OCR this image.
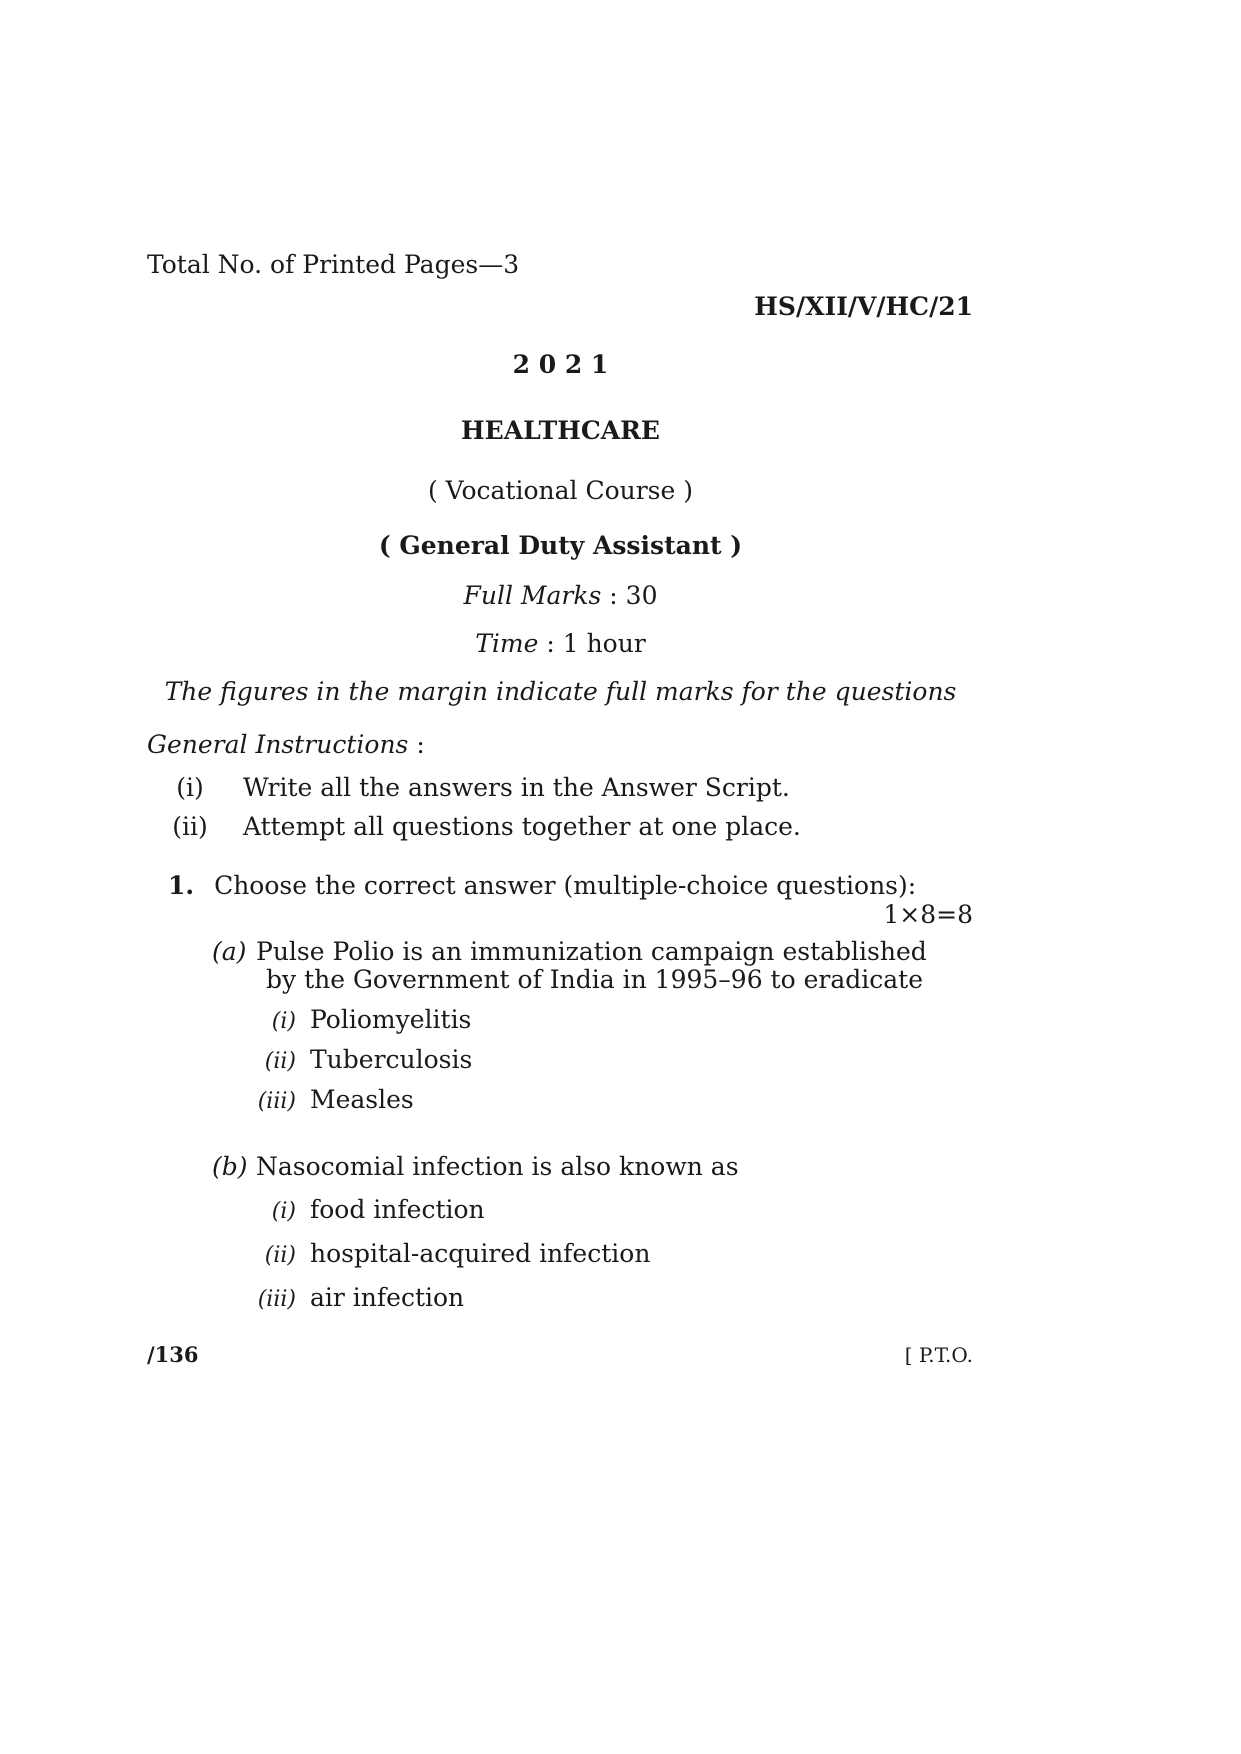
Total No. of Printed Pages—3
HS/XII/V/HC/21
2 0 2 1
HEALTHCARE
( Vocational Course )
( General Duty Assistant )
Full Marks : 30
Time : 1 hour
The figures in the margin indicate full marks for the questions
General Instructions :
(i) Write all the answers in the Answer Script.
(ii) Attempt all questions together at one place.
1. Choose the correct answer (multiple-choice questions):
1×8=8
(a) Pulse Polio is an immunization campaign established
by the Government of India in 1995–96 to eradicate
(i) Poliomyelitis
(ii) Tuberculosis
(iii) Measles
(b) Nasocomial infection is also known as
(i) food infection
(ii) hospital-acquired infection
(iii) air infection
/136	[ P.T.O.
